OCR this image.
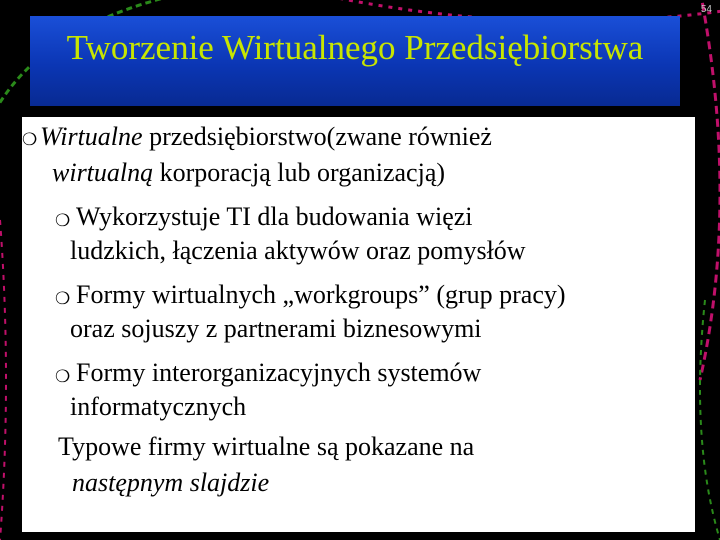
54
Tworzenie Wirtualnego Przedsiębiorstwa
❍ Wirtualne przedsiębiorstwo(zwane również
wirtualną korporacją lub organizacją)
❍ Wykorzystuje TI dla budowania więzi
ludzkich, łączenia aktywów oraz pomysłów
❍ Formy wirtualnych „workgroups” (grup pracy)
oraz sojuszy z partnerami biznesowymi
❍ Formy interorganizacyjnych systemów
informatycznych
Typowe firmy wirtualne są pokazane na
następnym slajdzie
